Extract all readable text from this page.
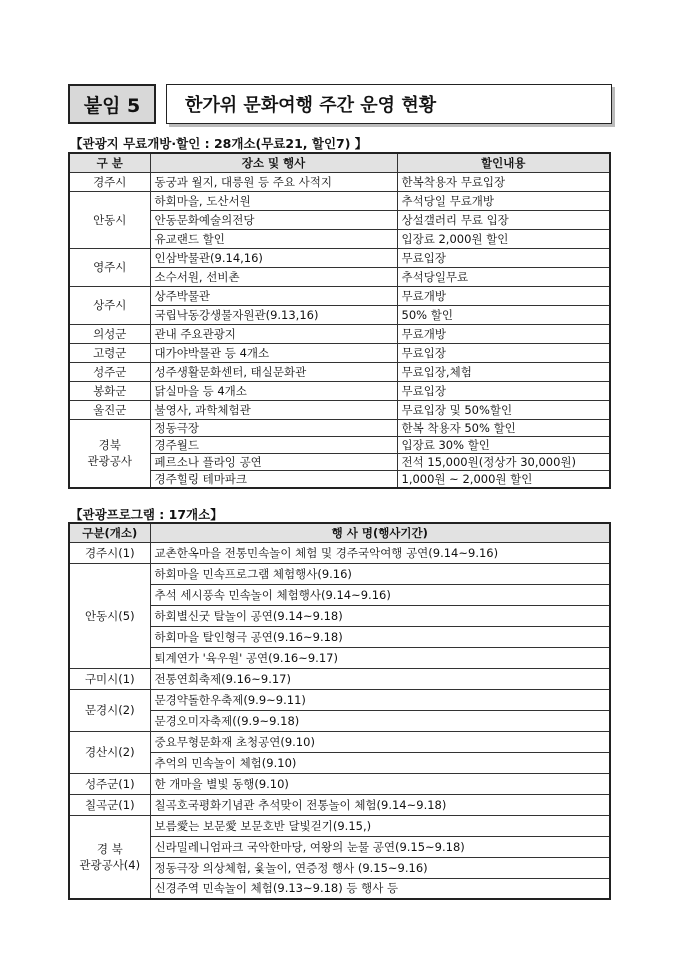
붙임 5	한가위 문화여행 주간 운영 현황
【관광지 무료개방·할인 : 28개소(무료21, 할인7) 】
구 분	장소 및 행사	할인내용
경주시	동궁과 월지, 대릉원 등 주요 사적지	한복착용자 무료입장
안동시	하회마을, 도산서원	추석당일 무료개방
	안동문화예술의전당	상설갤러리 무료 입장
	유교랜드 할인	입장료 2,000원 할인
영주시	인삼박물관(9.14,16)	무료입장
	소수서원, 선비촌	추석당일무료
상주시	상주박물관	무료개방
	국립낙동강생물자원관(9.13,16)	50% 할인
의성군	관내 주요관광지	무료개방
고령군	대가야박물관 등 4개소	무료입장
성주군	성주생활문화센터, 태실문화관	무료입장,체험
봉화군	닭실마을 등 4개소	무료입장
울진군	불영사, 과학체험관	무료입장 및 50%할인
경북
관광공사	정동극장	한복 착용자 50% 할인
	경주월드	입장료 30% 할인
	페르소나 플라잉 공연	전석 15,000원(정상가 30,000원)
	경주힐링 테마파크	1,000원 ~ 2,000원 할인
【관광프로그램 : 17개소】
구분(개소)	행 사 명(행사기간)
경주시(1)	교촌한옥마을 전통민속놀이 체험 및 경주국악여행 공연(9.14~9.16)
안동시(5)	하회마을 민속프로그램 체험행사(9.16)
	추석 세시풍속 민속놀이 체험행사(9.14~9.16)
	하회별신굿 탈놀이 공연(9.14~9.18)
	하회마을 탈인형극 공연(9.16~9.18)
	퇴계연가 '육우원' 공연(9.16~9.17)
구미시(1)	전통연희축제(9.16~9.17)
문경시(2)	문경약돌한우축제(9.9~9.11)
	문경오미자축제((9.9~9.18)
경산시(2)	중요무형문화재 초청공연(9.10)
	추억의 민속놀이 체험(9.10)
성주군(1)	한 개마을 별빛 동행(9.10)
칠곡군(1)	칠곡호국평화기념관 추석맞이 전통놀이 체험(9.14~9.18)
경 북
관광공사(4)	보름愛는 보문愛 보문호반 달빛걷기(9.15,)
	신라밀레니엄파크 국악한마당, 여왕의 눈물 공연(9.15~9.18)
	정동극장 의상체험, 윷놀이, 연증정 행사 (9.15~9.16)
	신경주역 민속놀이 체험(9.13~9.18) 등 행사 등
